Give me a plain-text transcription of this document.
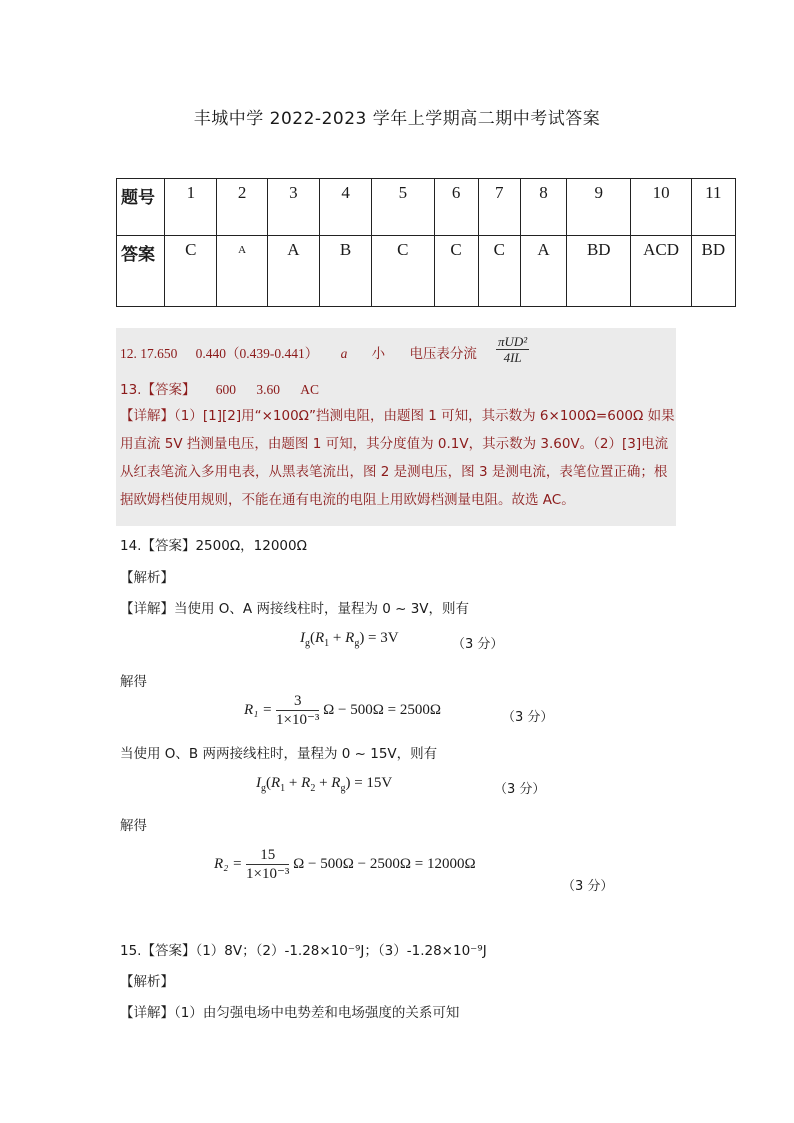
丰城中学 2022-2023 学年上学期高二期中考试答案
题号	1	2	3	4	5	6	7	8	9	10	11
答案	C	A	A	B	C	C	C	A	BD	ACD	BD
12. 17.650 0.440（0.439-0.441） a 小 电压表分流 $\frac{\text{πUD²}}{4IL}$
13.【答案】 600 3.60 AC
【详解】（1）[1][2]用“×100Ω”挡测电阻，由题图 1 可知，其示数为 6×100Ω=600Ω 如果用直流 5V 挡测量电压，由题图 1 可知，其分度值为 0.1V，其示数为 3.60V。（2）[3]电流从红表笔流入多用电表，从黑表笔流出，图 2 是测电压，图 3 是测电流，表笔位置正确；根据欧姆档使用规则，不能在通有电流的电阻上用欧姆档测量电阻。故选 AC。
14.【答案】2500Ω，12000Ω
【解析】
【详解】当使用 O、A 两接线柱时，量程为 0 ~ 3V，则有
$I_g(R_1 + R_g) = 3V$	（3 分）
解得
$R_1 = \frac{3}{\text{1×10⁻³}}$ Ω − 500Ω = 2500Ω	（3 分）
当使用 O、B 两两接线柱时，量程为 0 ~ 15V，则有
$I_g(R_1 + R_2 + R_g) = 15V$	（3 分）
解得
$R_2 = \frac{15}{\text{1×10⁻³}}$ Ω − 500Ω − 2500Ω = 12000Ω
（3 分）
15.【答案】（1）8V；（2）-1.28×10⁻⁹J；（3）-1.28×10⁻⁹J
【解析】
【详解】（1）由匀强电场中电势差和电场强度的关系可知
